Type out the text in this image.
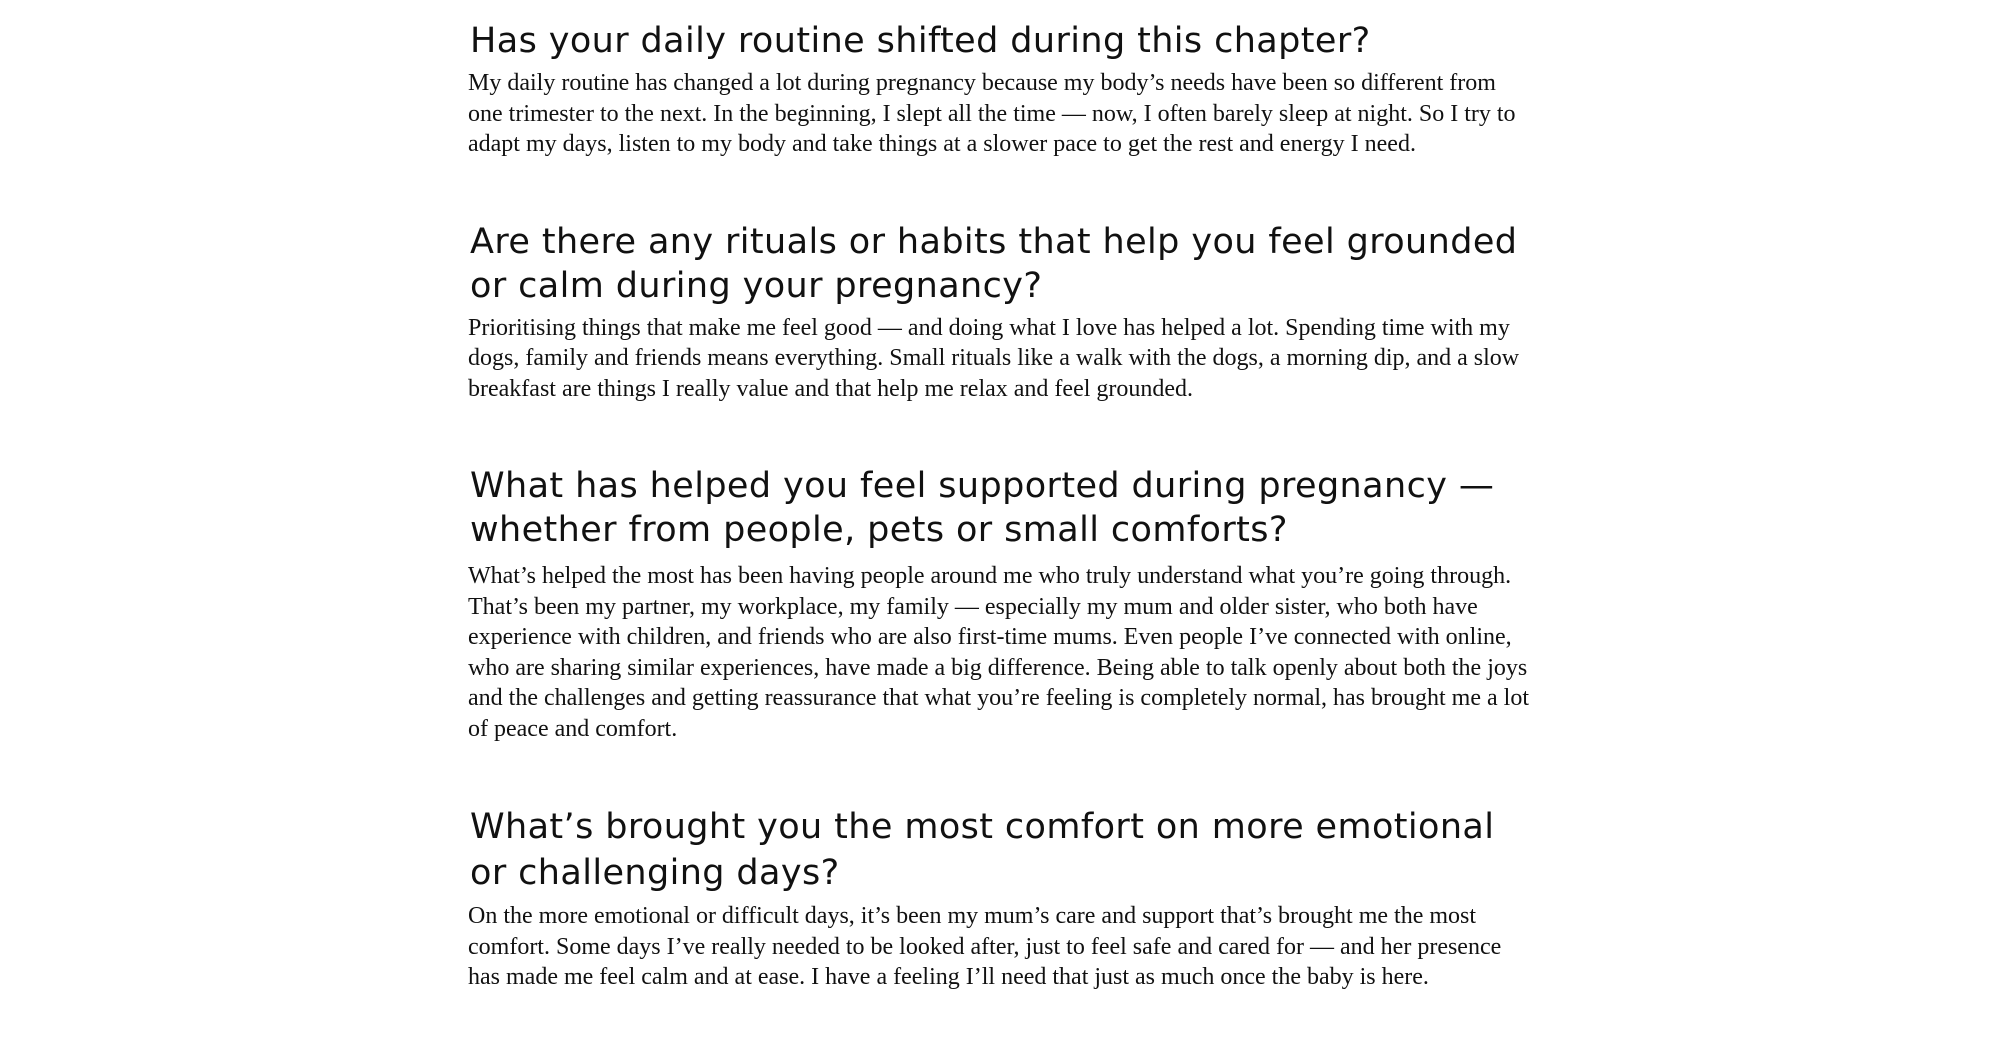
Has your daily routine shifted during this chapter?

My daily routine has changed a lot during pregnancy because my body’s needs have been so different from one trimester to the next. In the beginning, I slept all the time — now, I often barely sleep at night. So I try to adapt my days, listen to my body and take things at a slower pace to get the rest and energy I need.

Are there any rituals or habits that help you feel grounded or calm during your pregnancy?

Prioritising things that make me feel good — and doing what I love has helped a lot. Spending time with my dogs, family and friends means everything. Small rituals like a walk with the dogs, a morning dip, and a slow breakfast are things I really value and that help me relax and feel grounded.

What has helped you feel supported during pregnancy — whether from people, pets or small comforts?

What’s helped the most has been having people around me who truly understand what you’re going through. That’s been my partner, my workplace, my family — especially my mum and older sister, who both have experience with children, and friends who are also first-time mums. Even people I’ve connected with online, who are sharing similar experiences, have made a big difference. Being able to talk openly about both the joys and the challenges and getting reassurance that what you’re feeling is completely normal, has brought me a lot of peace and comfort.

What’s brought you the most comfort on more emotional or challenging days?

On the more emotional or difficult days, it’s been my mum’s care and support that’s brought me the most comfort. Some days I’ve really needed to be looked after, just to feel safe and cared for — and her presence has made me feel calm and at ease. I have a feeling I’ll need that just as much once the baby is here.
